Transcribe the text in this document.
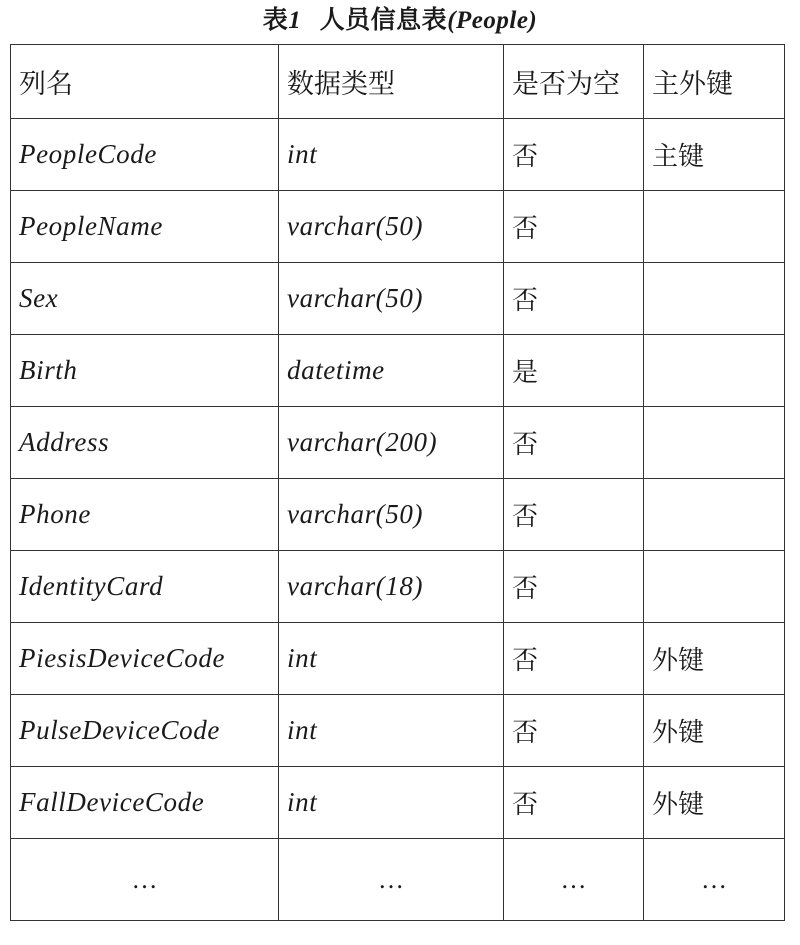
表1 人员信息表(People)
列名	数据类型	是否为空	主外键
PeopleCode	int	否	主键
PeopleName	varchar(50)	否	
Sex	varchar(50)	否	
Birth	datetime	是	
Address	varchar(200)	否	
Phone	varchar(50)	否	
IdentityCard	varchar(18)	否	
PiesisDeviceCode	int	否	外键
PulseDeviceCode	int	否	外键
FallDeviceCode	int	否	外键
…	…	…	…
